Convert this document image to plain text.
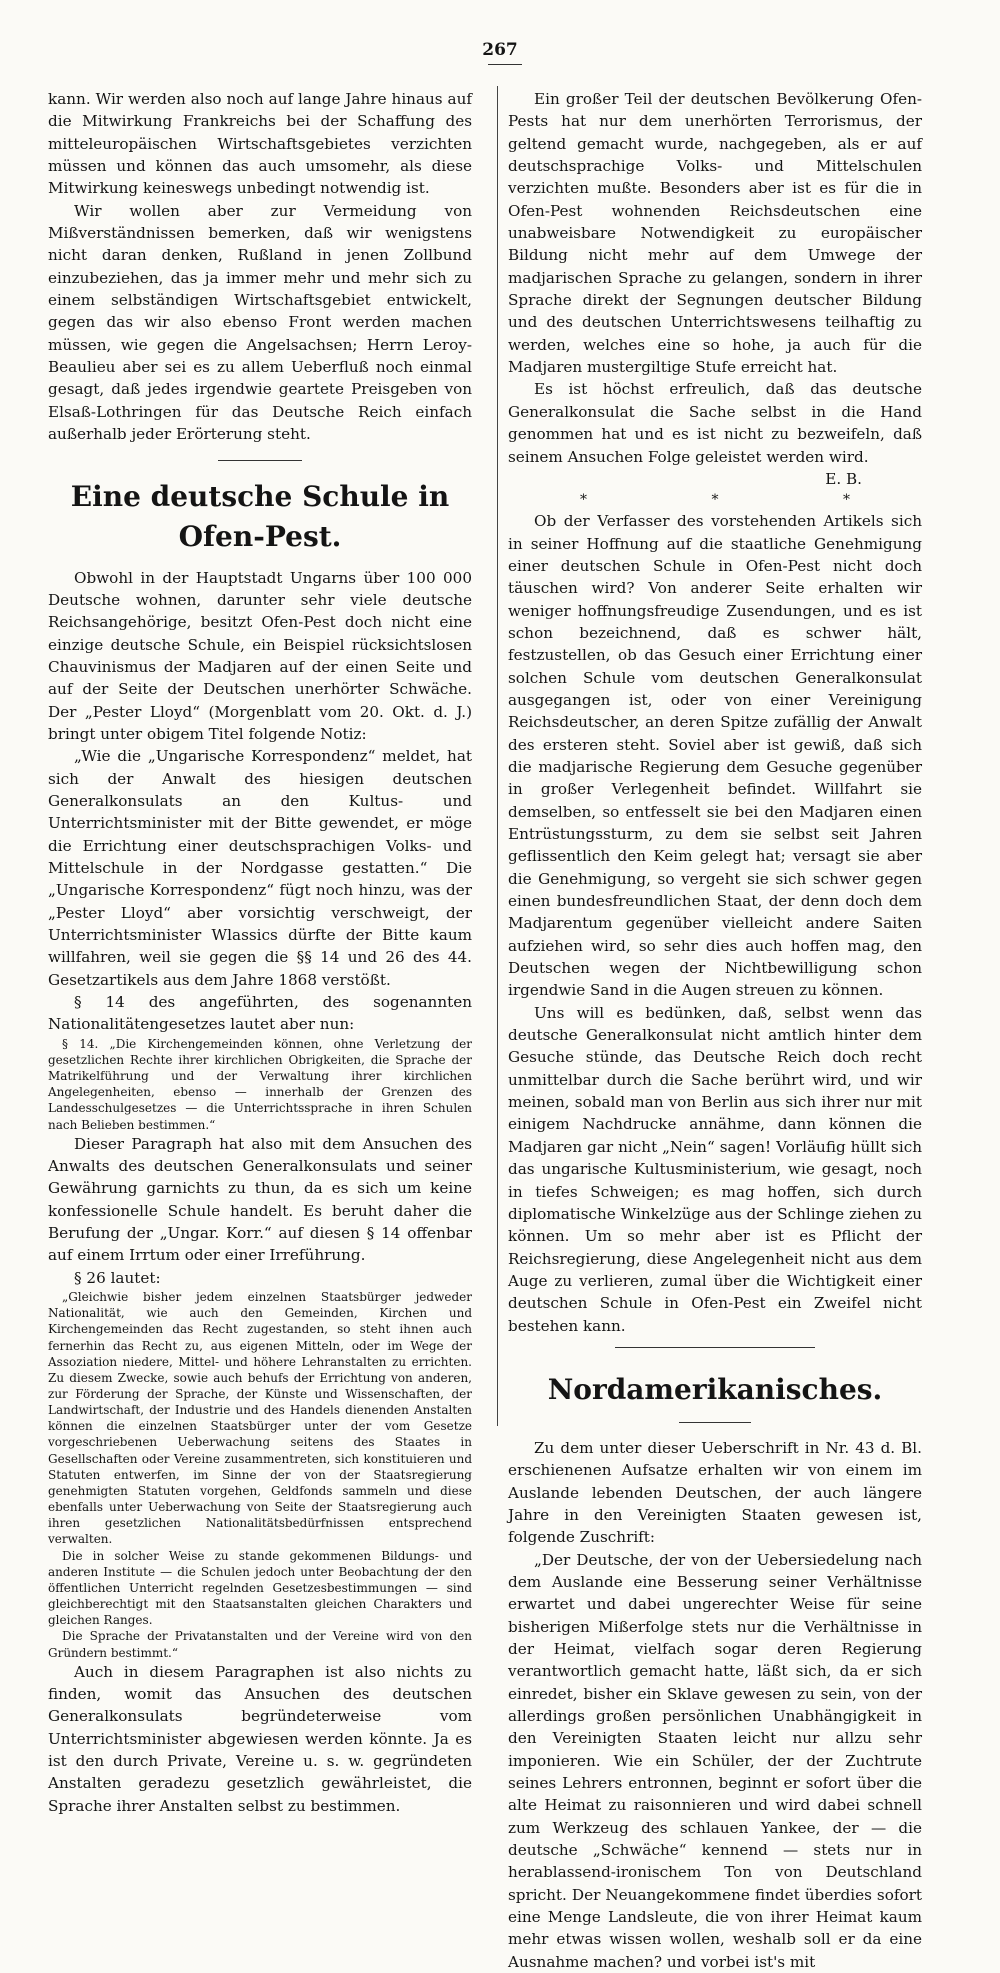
267

kann. Wir werden also noch auf lange Jahre hinaus auf die Mitwirkung Frankreichs bei der Schaffung des mitteleuropäischen Wirtschaftsgebietes verzichten müssen und können das auch umsomehr, als diese Mitwirkung keineswegs unbedingt notwendig ist.

Wir wollen aber zur Vermeidung von Mißverständnissen bemerken, daß wir wenigstens nicht daran denken, Rußland in jenen Zollbund einzubeziehen, das ja immer mehr und mehr sich zu einem selbständigen Wirtschaftsgebiet entwickelt, gegen das wir also ebenso Front werden machen müssen, wie gegen die Angelsachsen; Herrn Leroy-Beaulieu aber sei es zu allem Ueberfluß noch einmal gesagt, daß jedes irgendwie geartete Preisgeben von Elsaß-Lothringen für das Deutsche Reich einfach außerhalb jeder Erörterung steht.

Eine deutsche Schule in Ofen-Pest.

Obwohl in der Hauptstadt Ungarns über 100 000 Deutsche wohnen, darunter sehr viele deutsche Reichsangehörige, besitzt Ofen-Pest doch nicht eine einzige deutsche Schule, ein Beispiel rücksichtslosen Chauvinismus der Madjaren auf der einen Seite und auf der Seite der Deutschen unerhörter Schwäche. Der „Pester Lloyd“ (Morgenblatt vom 20. Okt. d. J.) bringt unter obigem Titel folgende Notiz:

„Wie die „Ungarische Korrespondenz“ meldet, hat sich der Anwalt des hiesigen deutschen Generalkonsulats an den Kultus- und Unterrichtsminister mit der Bitte gewendet, er möge die Errichtung einer deutschsprachigen Volks- und Mittelschule in der Nordgasse gestatten.“ Die „Ungarische Korrespondenz“ fügt noch hinzu, was der „Pester Lloyd“ aber vorsichtig verschweigt, der Unterrichtsminister Wlassics dürfte der Bitte kaum willfahren, weil sie gegen die §§ 14 und 26 des 44. Gesetzartikels aus dem Jahre 1868 verstößt.

§ 14 des angeführten, des sogenannten Nationalitätengesetzes lautet aber nun:

§ 14. „Die Kirchengemeinden können, ohne Verletzung der gesetzlichen Rechte ihrer kirchlichen Obrigkeiten, die Sprache der Matrikelführung und der Verwaltung ihrer kirchlichen Angelegenheiten, ebenso — innerhalb der Grenzen des Landesschulgesetzes — die Unterrichtssprache in ihren Schulen nach Belieben bestimmen.“

Dieser Paragraph hat also mit dem Ansuchen des Anwalts des deutschen Generalkonsulats und seiner Gewährung garnichts zu thun, da es sich um keine konfessionelle Schule handelt. Es beruht daher die Berufung der „Ungar. Korr.“ auf diesen § 14 offenbar auf einem Irrtum oder einer Irreführung.

§ 26 lautet:

„Gleichwie bisher jedem einzelnen Staatsbürger jedweder Nationalität, wie auch den Gemeinden, Kirchen und Kirchengemeinden das Recht zugestanden, so steht ihnen auch fernerhin das Recht zu, aus eigenen Mitteln, oder im Wege der Assoziation niedere, Mittel- und höhere Lehranstalten zu errichten. Zu diesem Zwecke, sowie auch behufs der Errichtung von anderen, zur Förderung der Sprache, der Künste und Wissenschaften, der Landwirtschaft, der Industrie und des Handels dienenden Anstalten können die einzelnen Staatsbürger unter der vom Gesetze vorgeschriebenen Ueberwachung seitens des Staates in Gesellschaften oder Vereine zusammentreten, sich konstituieren und Statuten entwerfen, im Sinne der von der Staatsregierung genehmigten Statuten vorgehen, Geldfonds sammeln und diese ebenfalls unter Ueberwachung von Seite der Staatsregierung auch ihren gesetzlichen Nationalitätsbedürfnissen entsprechend verwalten.

Die in solcher Weise zu stande gekommenen Bildungs- und anderen Institute — die Schulen jedoch unter Beobachtung der den öffentlichen Unterricht regelnden Gesetzesbestimmungen — sind gleichberechtigt mit den Staatsanstalten gleichen Charakters und gleichen Ranges.

Die Sprache der Privatanstalten und der Vereine wird von den Gründern bestimmt.“

Auch in diesem Paragraphen ist also nichts zu finden, womit das Ansuchen des deutschen Generalkonsulats begründeterweise vom Unterrichtsminister abgewiesen werden könnte. Ja es ist den durch Private, Vereine u. s. w. gegründeten Anstalten geradezu gesetzlich gewährleistet, die Sprache ihrer Anstalten selbst zu bestimmen.

Ein großer Teil der deutschen Bevölkerung Ofen-Pests hat nur dem unerhörten Terrorismus, der geltend gemacht wurde, nachgegeben, als er auf deutschsprachige Volks- und Mittelschulen verzichten mußte. Besonders aber ist es für die in Ofen-Pest wohnenden Reichsdeutschen eine unabweisbare Notwendigkeit zu europäischer Bildung nicht mehr auf dem Umwege der madjarischen Sprache zu gelangen, sondern in ihrer Sprache direkt der Segnungen deutscher Bildung und des deutschen Unterrichtswesens teilhaftig zu werden, welches eine so hohe, ja auch für die Madjaren mustergiltige Stufe erreicht hat.

Es ist höchst erfreulich, daß das deutsche Generalkonsulat die Sache selbst in die Hand genommen hat und es ist nicht zu bezweifeln, daß seinem Ansuchen Folge geleistet werden wird.

E. B.

* * *

Ob der Verfasser des vorstehenden Artikels sich in seiner Hoffnung auf die staatliche Genehmigung einer deutschen Schule in Ofen-Pest nicht doch täuschen wird? Von anderer Seite erhalten wir weniger hoffnungsfreudige Zusendungen, und es ist schon bezeichnend, daß es schwer hält, festzustellen, ob das Gesuch einer Errichtung einer solchen Schule vom deutschen Generalkonsulat ausgegangen ist, oder von einer Vereinigung Reichsdeutscher, an deren Spitze zufällig der Anwalt des ersteren steht. Soviel aber ist gewiß, daß sich die madjarische Regierung dem Gesuche gegenüber in großer Verlegenheit befindet. Willfahrt sie demselben, so entfesselt sie bei den Madjaren einen Entrüstungssturm, zu dem sie selbst seit Jahren geflissentlich den Keim gelegt hat; versagt sie aber die Genehmigung, so vergeht sie sich schwer gegen einen bundesfreundlichen Staat, der denn doch dem Madjarentum gegenüber vielleicht andere Saiten aufziehen wird, so sehr dies auch hoffen mag, den Deutschen wegen der Nichtbewilligung schon irgendwie Sand in die Augen streuen zu können.

Uns will es bedünken, daß, selbst wenn das deutsche Generalkonsulat nicht amtlich hinter dem Gesuche stünde, das Deutsche Reich doch recht unmittelbar durch die Sache berührt wird, und wir meinen, sobald man von Berlin aus sich ihrer nur mit einigem Nachdrucke annähme, dann können die Madjaren gar nicht „Nein“ sagen! Vorläufig hüllt sich das ungarische Kultusministerium, wie gesagt, noch in tiefes Schweigen; es mag hoffen, sich durch diplomatische Winkelzüge aus der Schlinge ziehen zu können. Um so mehr aber ist es Pflicht der Reichsregierung, diese Angelegenheit nicht aus dem Auge zu verlieren, zumal über die Wichtigkeit einer deutschen Schule in Ofen-Pest ein Zweifel nicht bestehen kann.

Nordamerikanisches.

Zu dem unter dieser Ueberschrift in Nr. 43 d. Bl. erschienenen Aufsatze erhalten wir von einem im Auslande lebenden Deutschen, der auch längere Jahre in den Vereinigten Staaten gewesen ist, folgende Zuschrift:

„Der Deutsche, der von der Uebersiedelung nach dem Auslande eine Besserung seiner Verhältnisse erwartet und dabei ungerechter Weise für seine bisherigen Mißerfolge stets nur die Verhältnisse in der Heimat, vielfach sogar deren Regierung verantwortlich gemacht hatte, läßt sich, da er sich einredet, bisher ein Sklave gewesen zu sein, von der allerdings großen persönlichen Unabhängigkeit in den Vereinigten Staaten leicht nur allzu sehr imponieren. Wie ein Schüler, der der Zuchtrute seines Lehrers entronnen, beginnt er sofort über die alte Heimat zu raisonnieren und wird dabei schnell zum Werkzeug des schlauen Yankee, der — die deutsche „Schwäche“ kennend — stets nur in herablassend-ironischem Ton von Deutschland spricht. Der Neuangekommene findet überdies sofort eine Menge Landsleute, die von ihrer Heimat kaum mehr etwas wissen wollen, weshalb soll er da eine Ausnahme machen? und vorbei ist's mit
